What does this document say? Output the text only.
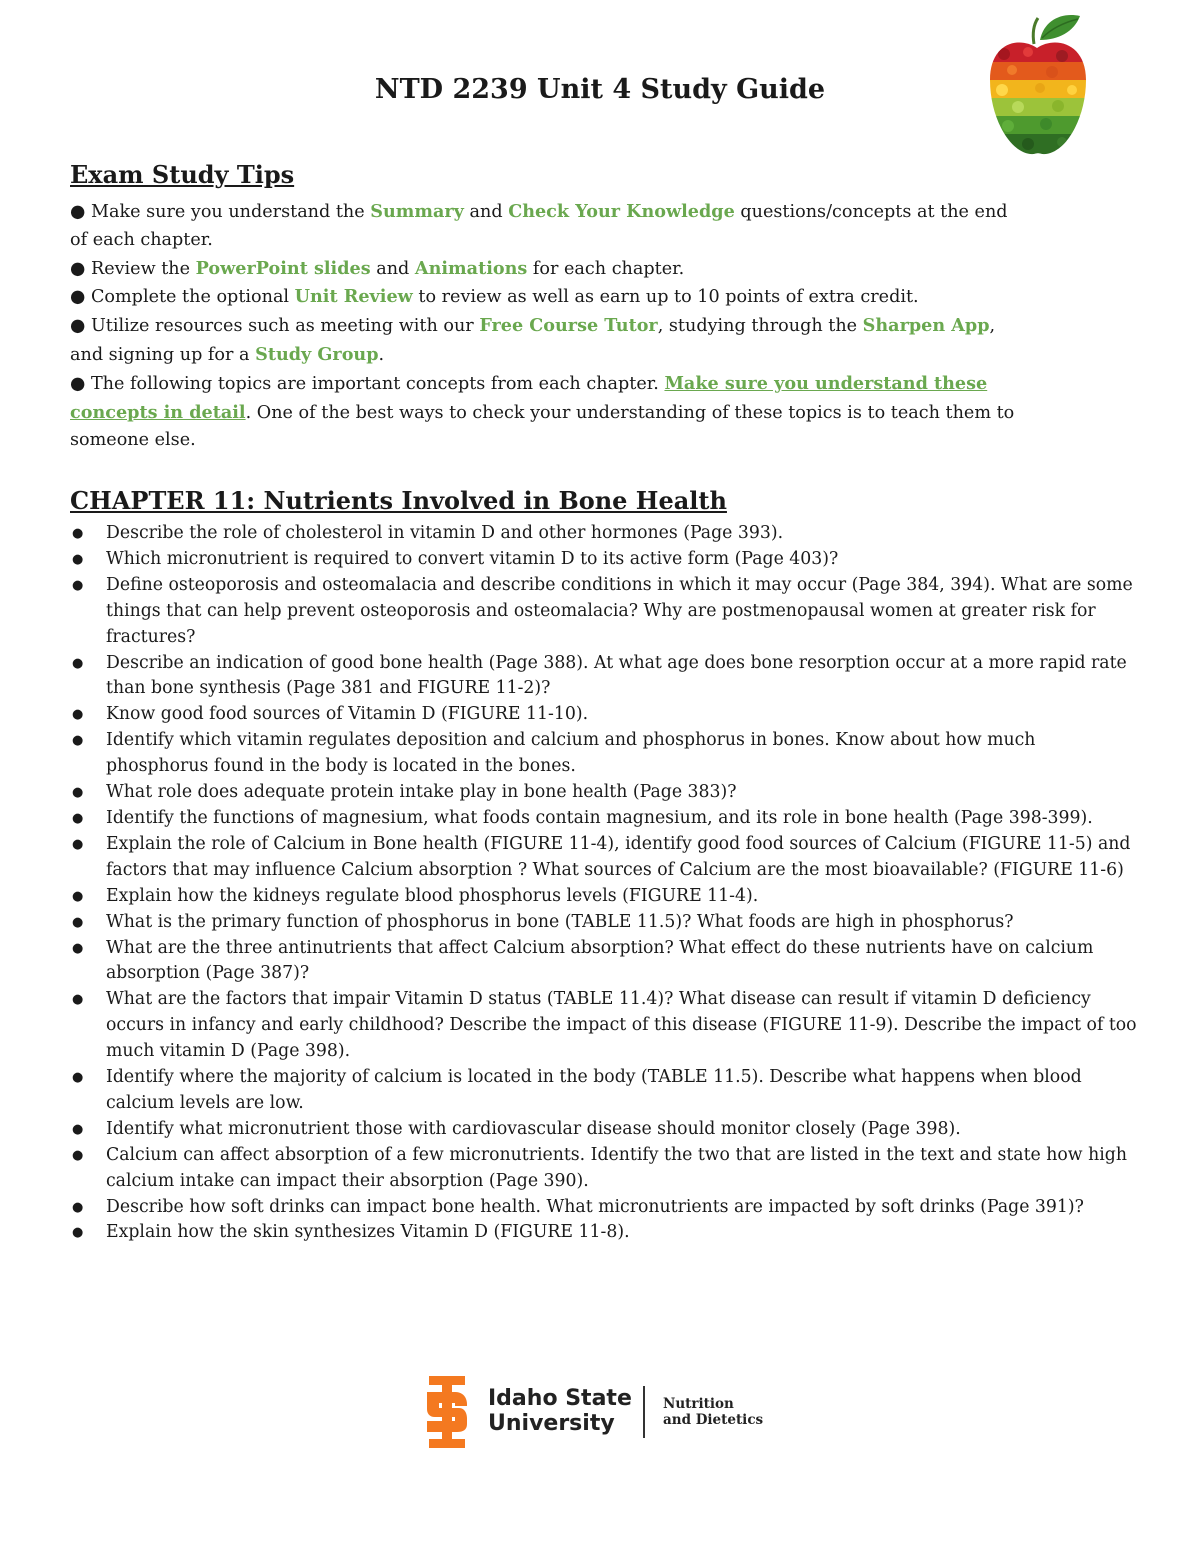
NTD 2239 Unit 4 Study Guide
Exam Study Tips
● Make sure you understand the Summary and Check Your Knowledge questions/concepts at the end of each chapter.
● Review the PowerPoint slides and Animations for each chapter.
● Complete the optional Unit Review to review as well as earn up to 10 points of extra credit.
● Utilize resources such as meeting with our Free Course Tutor, studying through the Sharpen App, and signing up for a Study Group.
● The following topics are important concepts from each chapter. Make sure you understand these concepts in detail. One of the best ways to check your understanding of these topics is to teach them to someone else.
CHAPTER 11: Nutrients Involved in Bone Health
● Describe the role of cholesterol in vitamin D and other hormones (Page 393).
● Which micronutrient is required to convert vitamin D to its active form (Page 403)?
● Define osteoporosis and osteomalacia and describe conditions in which it may occur (Page 384, 394). What are some things that can help prevent osteoporosis and osteomalacia? Why are postmenopausal women at greater risk for fractures?
● Describe an indication of good bone health (Page 388). At what age does bone resorption occur at a more rapid rate than bone synthesis (Page 381 and FIGURE 11-2)?
● Know good food sources of Vitamin D (FIGURE 11-10).
● Identify which vitamin regulates deposition and calcium and phosphorus in bones. Know about how much phosphorus found in the body is located in the bones.
● What role does adequate protein intake play in bone health (Page 383)?
● Identify the functions of magnesium, what foods contain magnesium, and its role in bone health (Page 398-399).
● Explain the role of Calcium in Bone health (FIGURE 11-4), identify good food sources of Calcium (FIGURE 11-5) and factors that may influence Calcium absorption ? What sources of Calcium are the most bioavailable? (FIGURE 11-6)
● Explain how the kidneys regulate blood phosphorus levels (FIGURE 11-4).
● What is the primary function of phosphorus in bone (TABLE 11.5)? What foods are high in phosphorus?
● What are the three antinutrients that affect Calcium absorption? What effect do these nutrients have on calcium absorption (Page 387)?
● What are the factors that impair Vitamin D status (TABLE 11.4)? What disease can result if vitamin D deficiency occurs in infancy and early childhood? Describe the impact of this disease (FIGURE 11-9). Describe the impact of too much vitamin D (Page 398).
● Identify where the majority of calcium is located in the body (TABLE 11.5). Describe what happens when blood calcium levels are low.
● Identify what micronutrient those with cardiovascular disease should monitor closely (Page 398).
● Calcium can affect absorption of a few micronutrients. Identify the two that are listed in the text and state how high calcium intake can impact their absorption (Page 390).
● Describe how soft drinks can impact bone health. What micronutrients are impacted by soft drinks (Page 391)?
● Explain how the skin synthesizes Vitamin D (FIGURE 11-8).
Idaho State
University
Nutrition
and Dietetics
